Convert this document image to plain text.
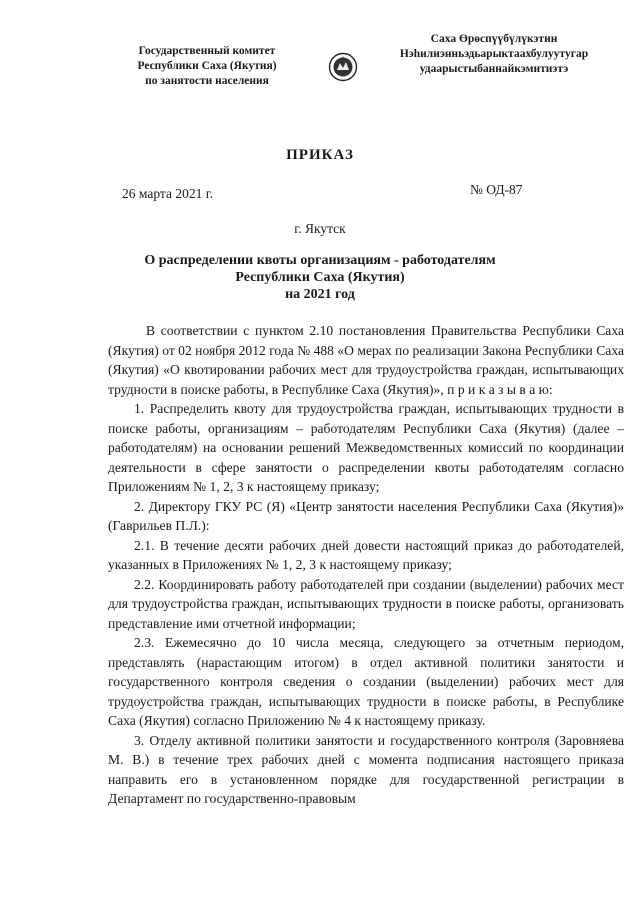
Государственный комитет
Республики Саха (Якутия)
по занятости населения
Саха Өрөспүүбүлүкэтин
Нэһилиэнньэдьарыктаахбулуутугар
удаарыстыбаннайкэмитиэтэ
ПРИКАЗ
26 марта 2021 г.	№ ОД-87
г. Якутск
О распределении квоты организациям - работодателям
Республики Саха (Якутия)
на 2021 год

В соответствии с пунктом 2.10 постановления Правительства Республики Саха (Якутия) от 02 ноября 2012 года № 488 «О мерах по реализации Закона Республики Саха (Якутия) «О квотировании рабочих мест для трудоустройства граждан, испытывающих трудности в поиске работы, в Республике Саха (Якутия)», п р и к а з ы в а ю:

1. Распределить квоту для трудоустройства граждан, испытывающих трудности в поиске работы, организациям – работодателям Республики Саха (Якутия) (далее – работодателям) на основании решений Межведомственных комиссий по координации деятельности в сфере занятости о распределении квоты работодателям согласно Приложениям № 1, 2, 3 к настоящему приказу;

2. Директору ГКУ РС (Я) «Центр занятости населения Республики Саха (Якутия)» (Гаврильев П.Л.):

2.1. В течение десяти рабочих дней довести настоящий приказ до работодателей, указанных в Приложениях № 1, 2, 3 к настоящему приказу;

2.2. Координировать работу работодателей при создании (выделении) рабочих мест для трудоустройства граждан, испытывающих трудности в поиске работы, организовать представление ими отчетной информации;

2.3. Ежемесячно до 10 числа месяца, следующего за отчетным периодом, представлять (нарастающим итогом) в отдел активной политики занятости и государственного контроля сведения о создании (выделении) рабочих мест для трудоустройства граждан, испытывающих трудности в поиске работы, в Республике Саха (Якутия) согласно Приложению № 4 к настоящему приказу.

3. Отделу активной политики занятости и государственного контроля (Заровняева М. В.) в течение трех рабочих дней с момента подписания настоящего приказа направить его в установленном порядке для государственной регистрации в Департамент по государственно-правовым
